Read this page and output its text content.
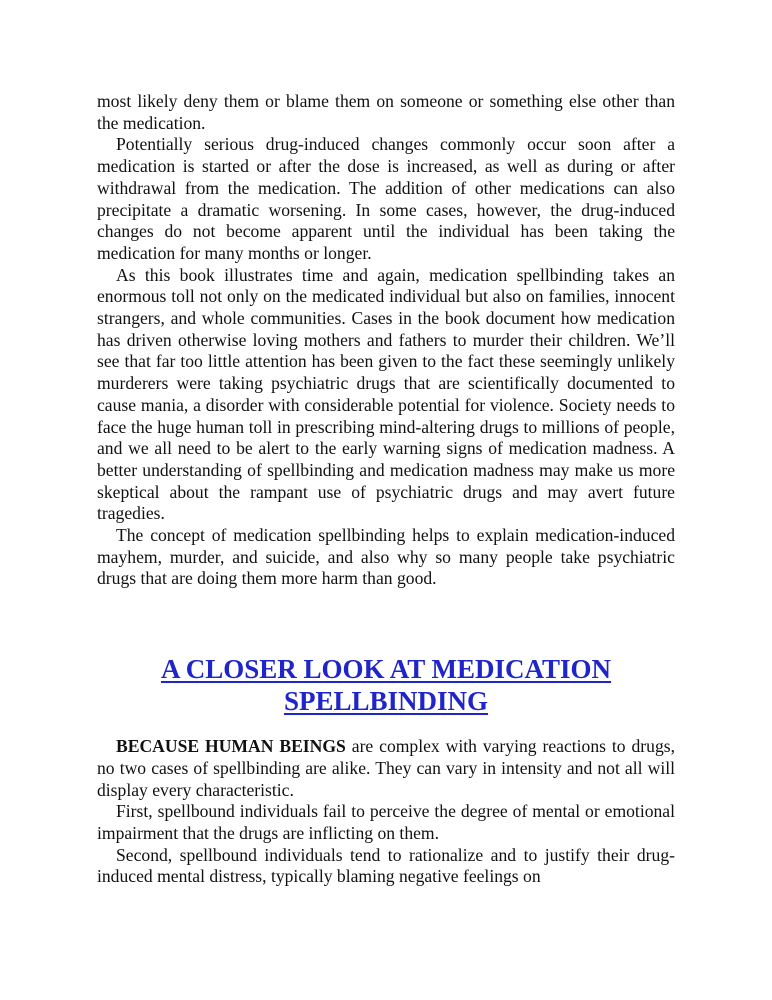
most likely deny them or blame them on someone or something else other than the medication.

Potentially serious drug-induced changes commonly occur soon after a medication is started or after the dose is increased, as well as during or after withdrawal from the medication. The addition of other medications can also precipitate a dramatic worsening. In some cases, however, the drug-induced changes do not become apparent until the individual has been taking the medication for many months or longer.

As this book illustrates time and again, medication spellbinding takes an enormous toll not only on the medicated individual but also on families, innocent strangers, and whole communities. Cases in the book document how medication has driven otherwise loving mothers and fathers to murder their children. We’ll see that far too little attention has been given to the fact these seemingly unlikely murderers were taking psychiatric drugs that are scientifically documented to cause mania, a disorder with considerable potential for violence. Society needs to face the huge human toll in prescribing mind-altering drugs to millions of people, and we all need to be alert to the early warning signs of medication madness. A better understanding of spellbinding and medication madness may make us more skeptical about the rampant use of psychiatric drugs and may avert future tragedies.

The concept of medication spellbinding helps to explain medication-induced mayhem, murder, and suicide, and also why so many people take psychiatric drugs that are doing them more harm than good.

A CLOSER LOOK AT MEDICATION
SPELLBINDING

BECAUSE HUMAN BEINGS are complex with varying reactions to drugs, no two cases of spellbinding are alike. They can vary in intensity and not all will display every characteristic.

First, spellbound individuals fail to perceive the degree of mental or emotional impairment that the drugs are inflicting on them.

Second, spellbound individuals tend to rationalize and to justify their drug-induced mental distress, typically blaming negative feelings on
